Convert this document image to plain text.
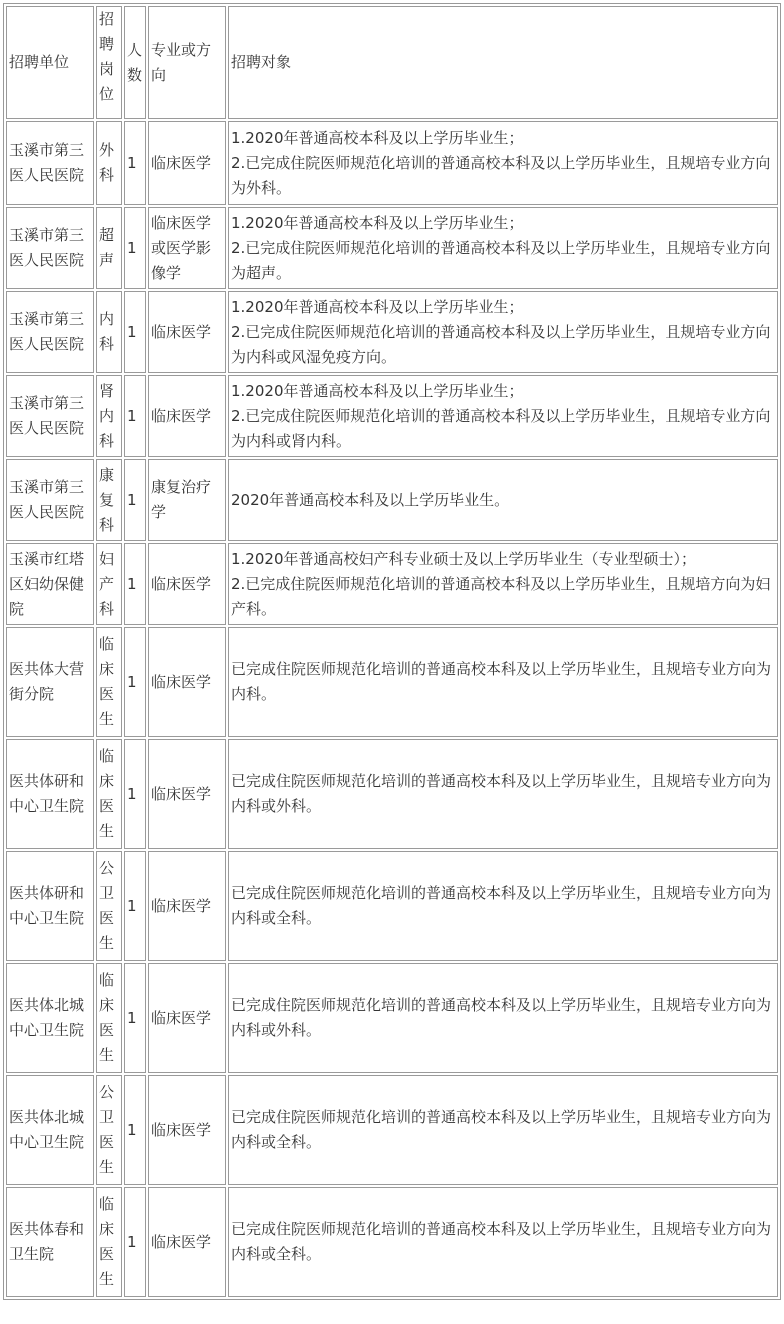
招聘单位	招聘岗位	人数	专业或方向	招聘对象
玉溪市第三医人民医院	外科	1	临床医学	1.2020年普通高校本科及以上学历毕业生；
2.已完成住院医师规范化培训的普通高校本科及以上学历毕业生，且规培专业方向为外科。

玉溪市第三医人民医院	超声	1	临床医学或医学影像学	1.2020年普通高校本科及以上学历毕业生；
2.已完成住院医师规范化培训的普通高校本科及以上学历毕业生，且规培专业方向为超声。

玉溪市第三医人民医院	内科	1	临床医学	1.2020年普通高校本科及以上学历毕业生；
2.已完成住院医师规范化培训的普通高校本科及以上学历毕业生，且规培专业方向为内科或风湿免疫方向。

玉溪市第三医人民医院	肾内科	1	临床医学	1.2020年普通高校本科及以上学历毕业生；
2.已完成住院医师规范化培训的普通高校本科及以上学历毕业生，且规培专业方向为内科或肾内科。

玉溪市第三医人民医院	康复科	1	康复治疗学	2020年普通高校本科及以上学历毕业生。

玉溪市红塔区妇幼保健院	妇产科	1	临床医学	1.2020年普通高校妇产科专业硕士及以上学历毕业生（专业型硕士）；
2.已完成住院医师规范化培训的普通高校本科及以上学历毕业生，且规培方向为妇产科。

医共体大营街分院	临床医生	1	临床医学	已完成住院医师规范化培训的普通高校本科及以上学历毕业生，且规培专业方向为内科。

医共体研和中心卫生院	临床医生	1	临床医学	已完成住院医师规范化培训的普通高校本科及以上学历毕业生，且规培专业方向为内科或外科。

医共体研和中心卫生院	公卫医生	1	临床医学	已完成住院医师规范化培训的普通高校本科及以上学历毕业生，且规培专业方向为内科或全科。

医共体北城中心卫生院	临床医生	1	临床医学	已完成住院医师规范化培训的普通高校本科及以上学历毕业生，且规培专业方向为内科或外科。

医共体北城中心卫生院	公卫医生	1	临床医学	已完成住院医师规范化培训的普通高校本科及以上学历毕业生，且规培专业方向为内科或全科。

医共体春和卫生院	临床医生	1	临床医学	已完成住院医师规范化培训的普通高校本科及以上学历毕业生，且规培专业方向为内科或全科。
